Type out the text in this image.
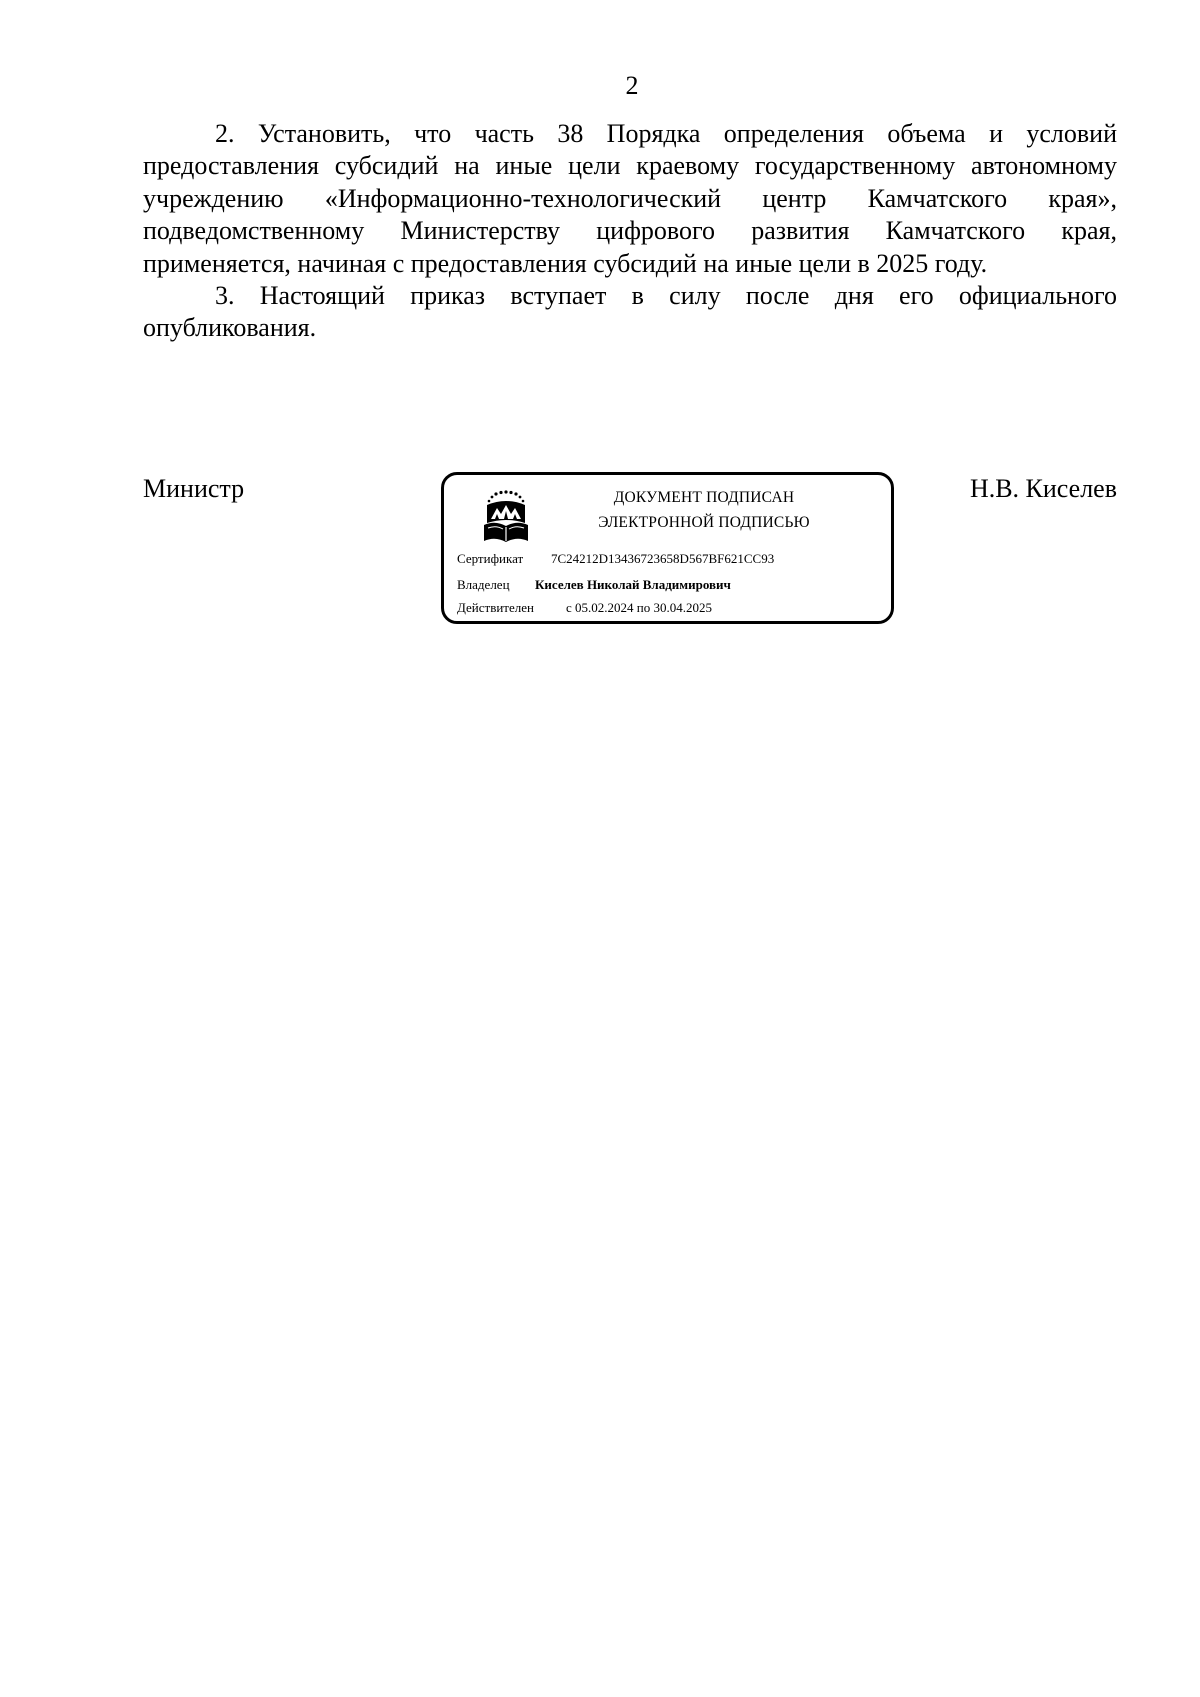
2

2. Установить, что часть 38 Порядка определения объема и условий предоставления субсидий на иные цели краевому государственному автономному учреждению «Информационно-технологический центр Камчатского края», подведомственному Министерству цифрового развития Камчатского края, применяется, начиная с предоставления субсидий на иные цели в 2025 году.

3. Настоящий приказ вступает в силу после дня его официального опубликования.

Министр	ДОКУМЕНТ ПОДПИСАН
ЭЛЕКТРОННОЙ ПОДПИСЬЮ
Сертификат 7C24212D13436723658D567BF621CC93
Владелец Киселев Николай Владимирович
Действителен с 05.02.2024 по 30.04.2025
Н.В. Киселев
